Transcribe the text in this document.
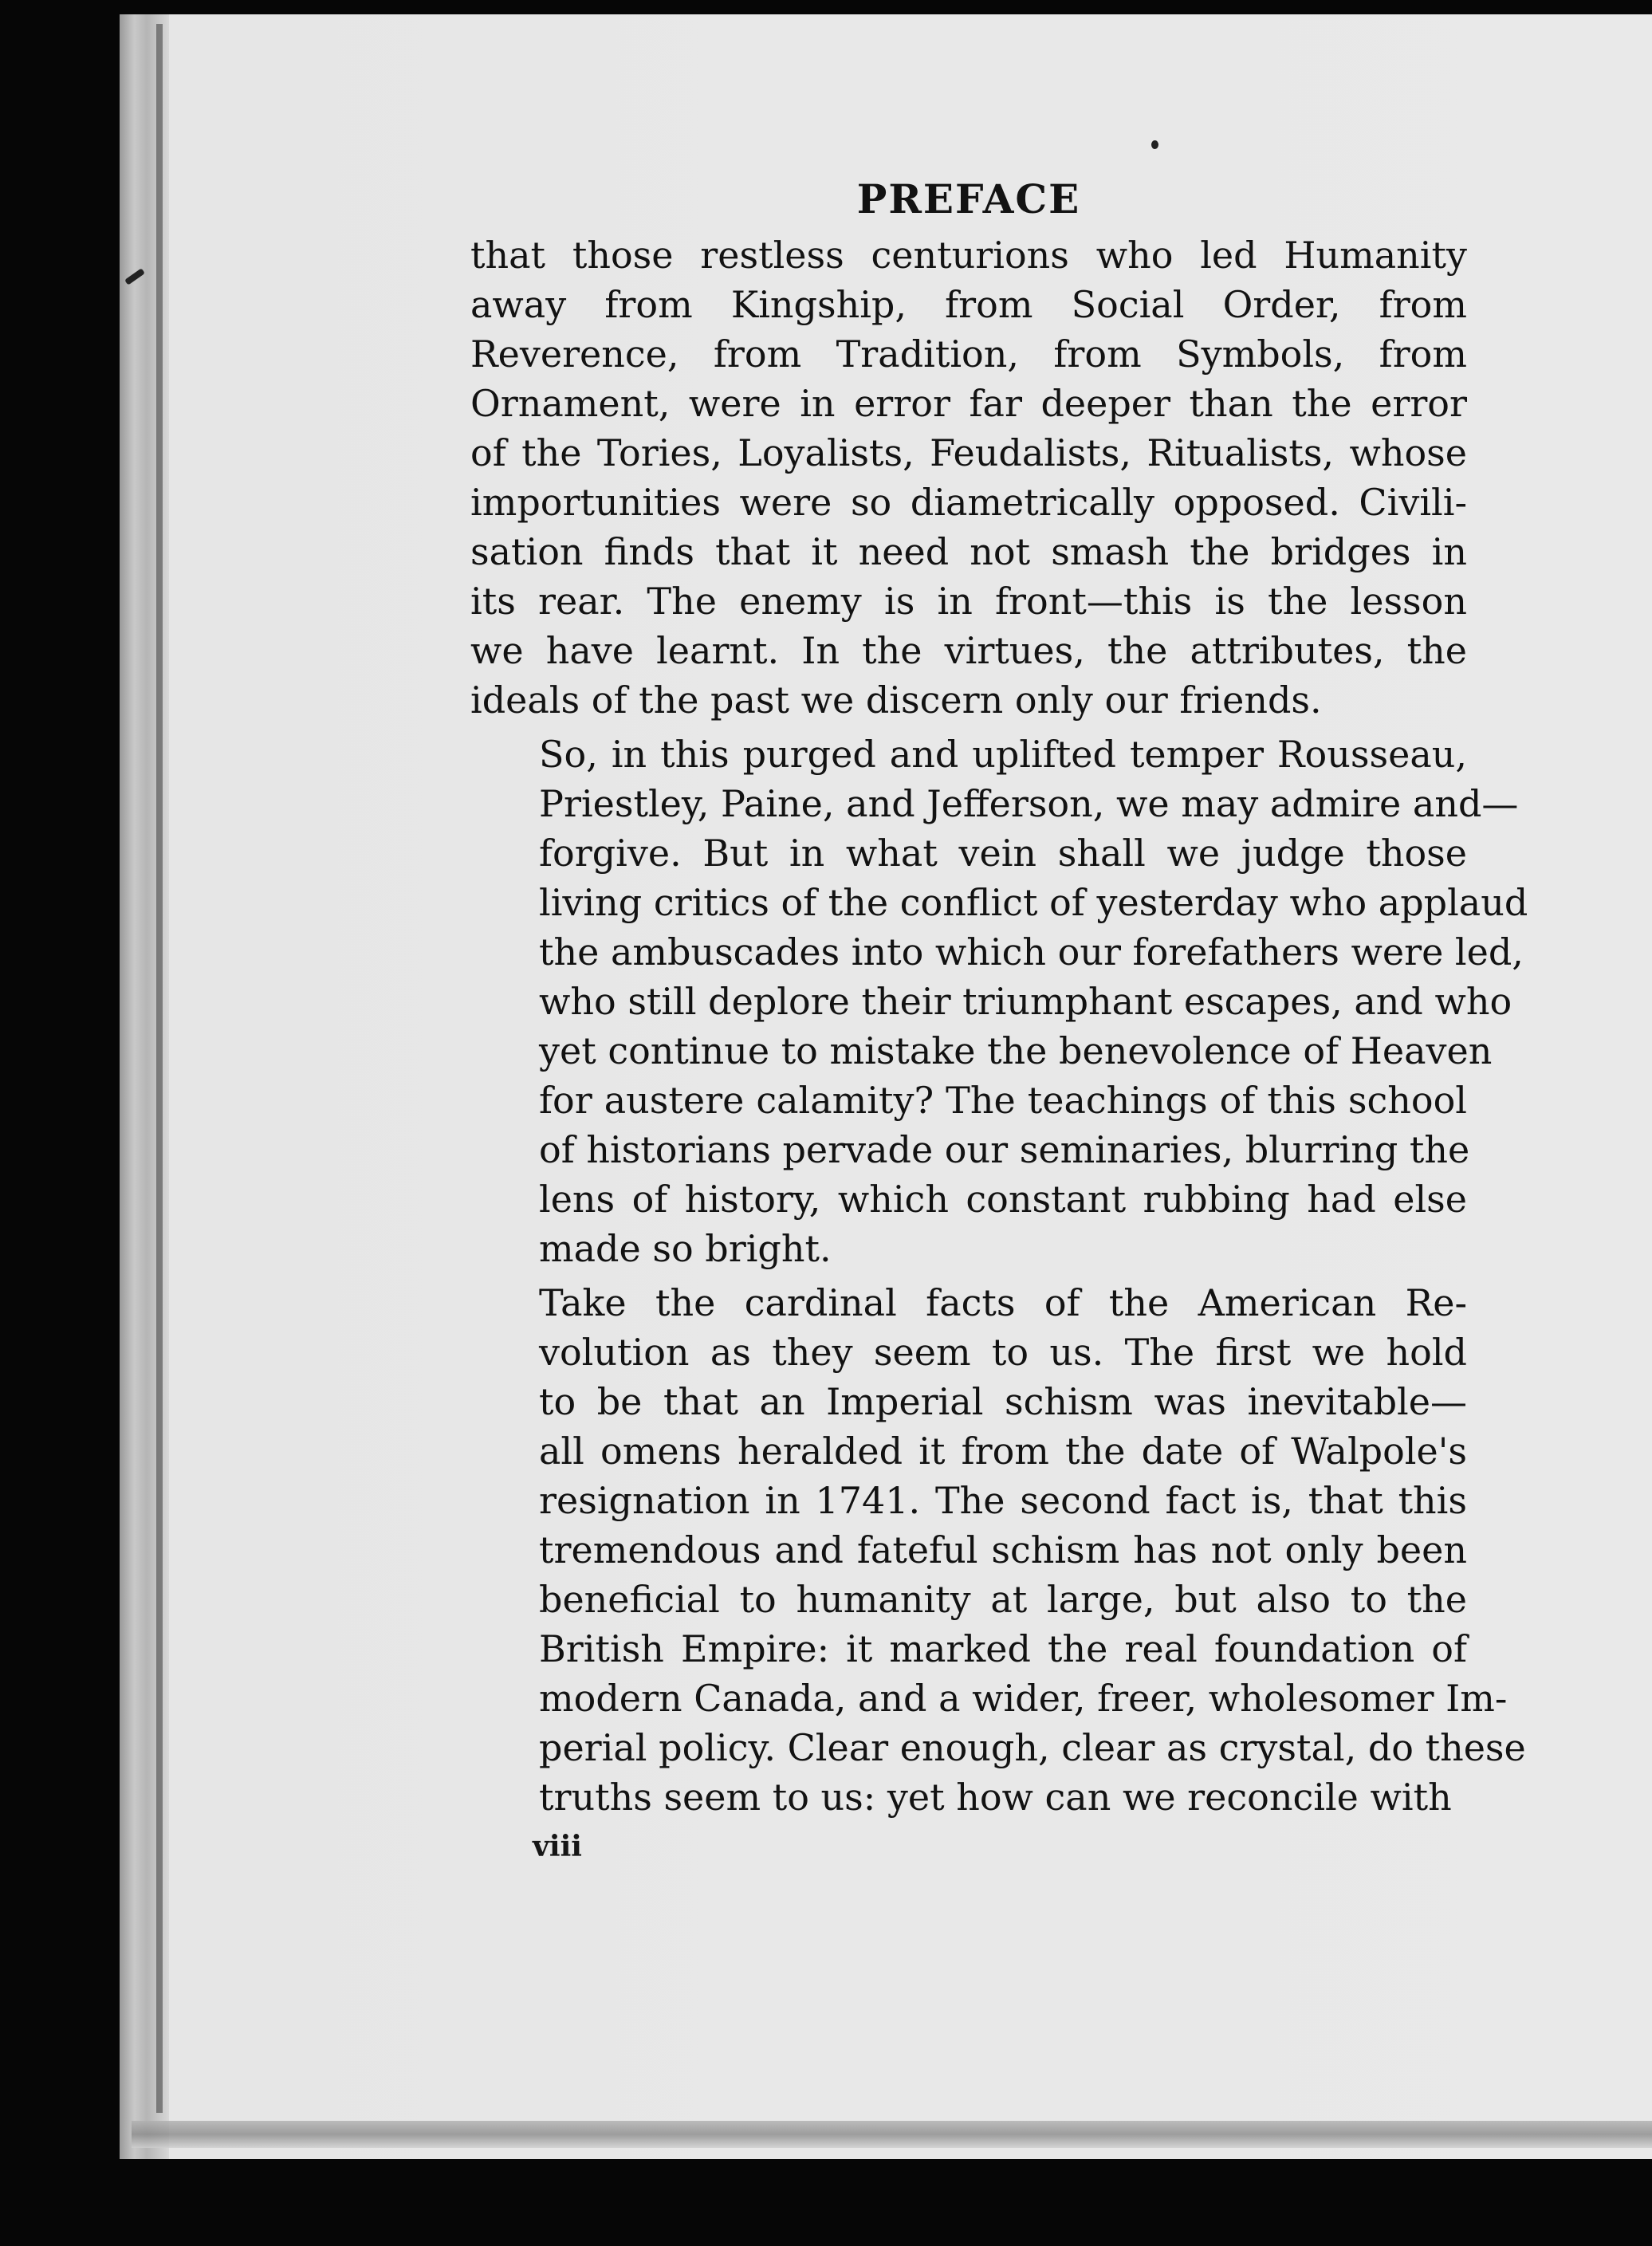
PREFACE
that those restless centurions who led Humanity
away from Kingship, from Social Order, from
Reverence, from Tradition, from Symbols, from
Ornament, were in error far deeper than the error
of the Tories, Loyalists, Feudalists, Ritualists, whose
importunities were so diametrically opposed. Civili-
sation finds that it need not smash the bridges in
its rear. The enemy is in front—this is the lesson
we have learnt. In the virtues, the attributes, the
ideals of the past we discern only our friends.
So, in this purged and uplifted temper Rousseau,
Priestley, Paine, and Jefferson, we may admire and—
forgive. But in what vein shall we judge those
living critics of the conflict of yesterday who applaud
the ambuscades into which our forefathers were led,
who still deplore their triumphant escapes, and who
yet continue to mistake the benevolence of Heaven
for austere calamity? The teachings of this school
of historians pervade our seminaries, blurring the
lens of history, which constant rubbing had else
made so bright.
Take the cardinal facts of the American Re-
volution as they seem to us. The first we hold
to be that an Imperial schism was inevitable—
all omens heralded it from the date of Walpole's
resignation in 1741. The second fact is, that this
tremendous and fateful schism has not only been
beneficial to humanity at large, but also to the
British Empire: it marked the real foundation of
modern Canada, and a wider, freer, wholesomer Im-
perial policy. Clear enough, clear as crystal, do these
truths seem to us: yet how can we reconcile with
viii
